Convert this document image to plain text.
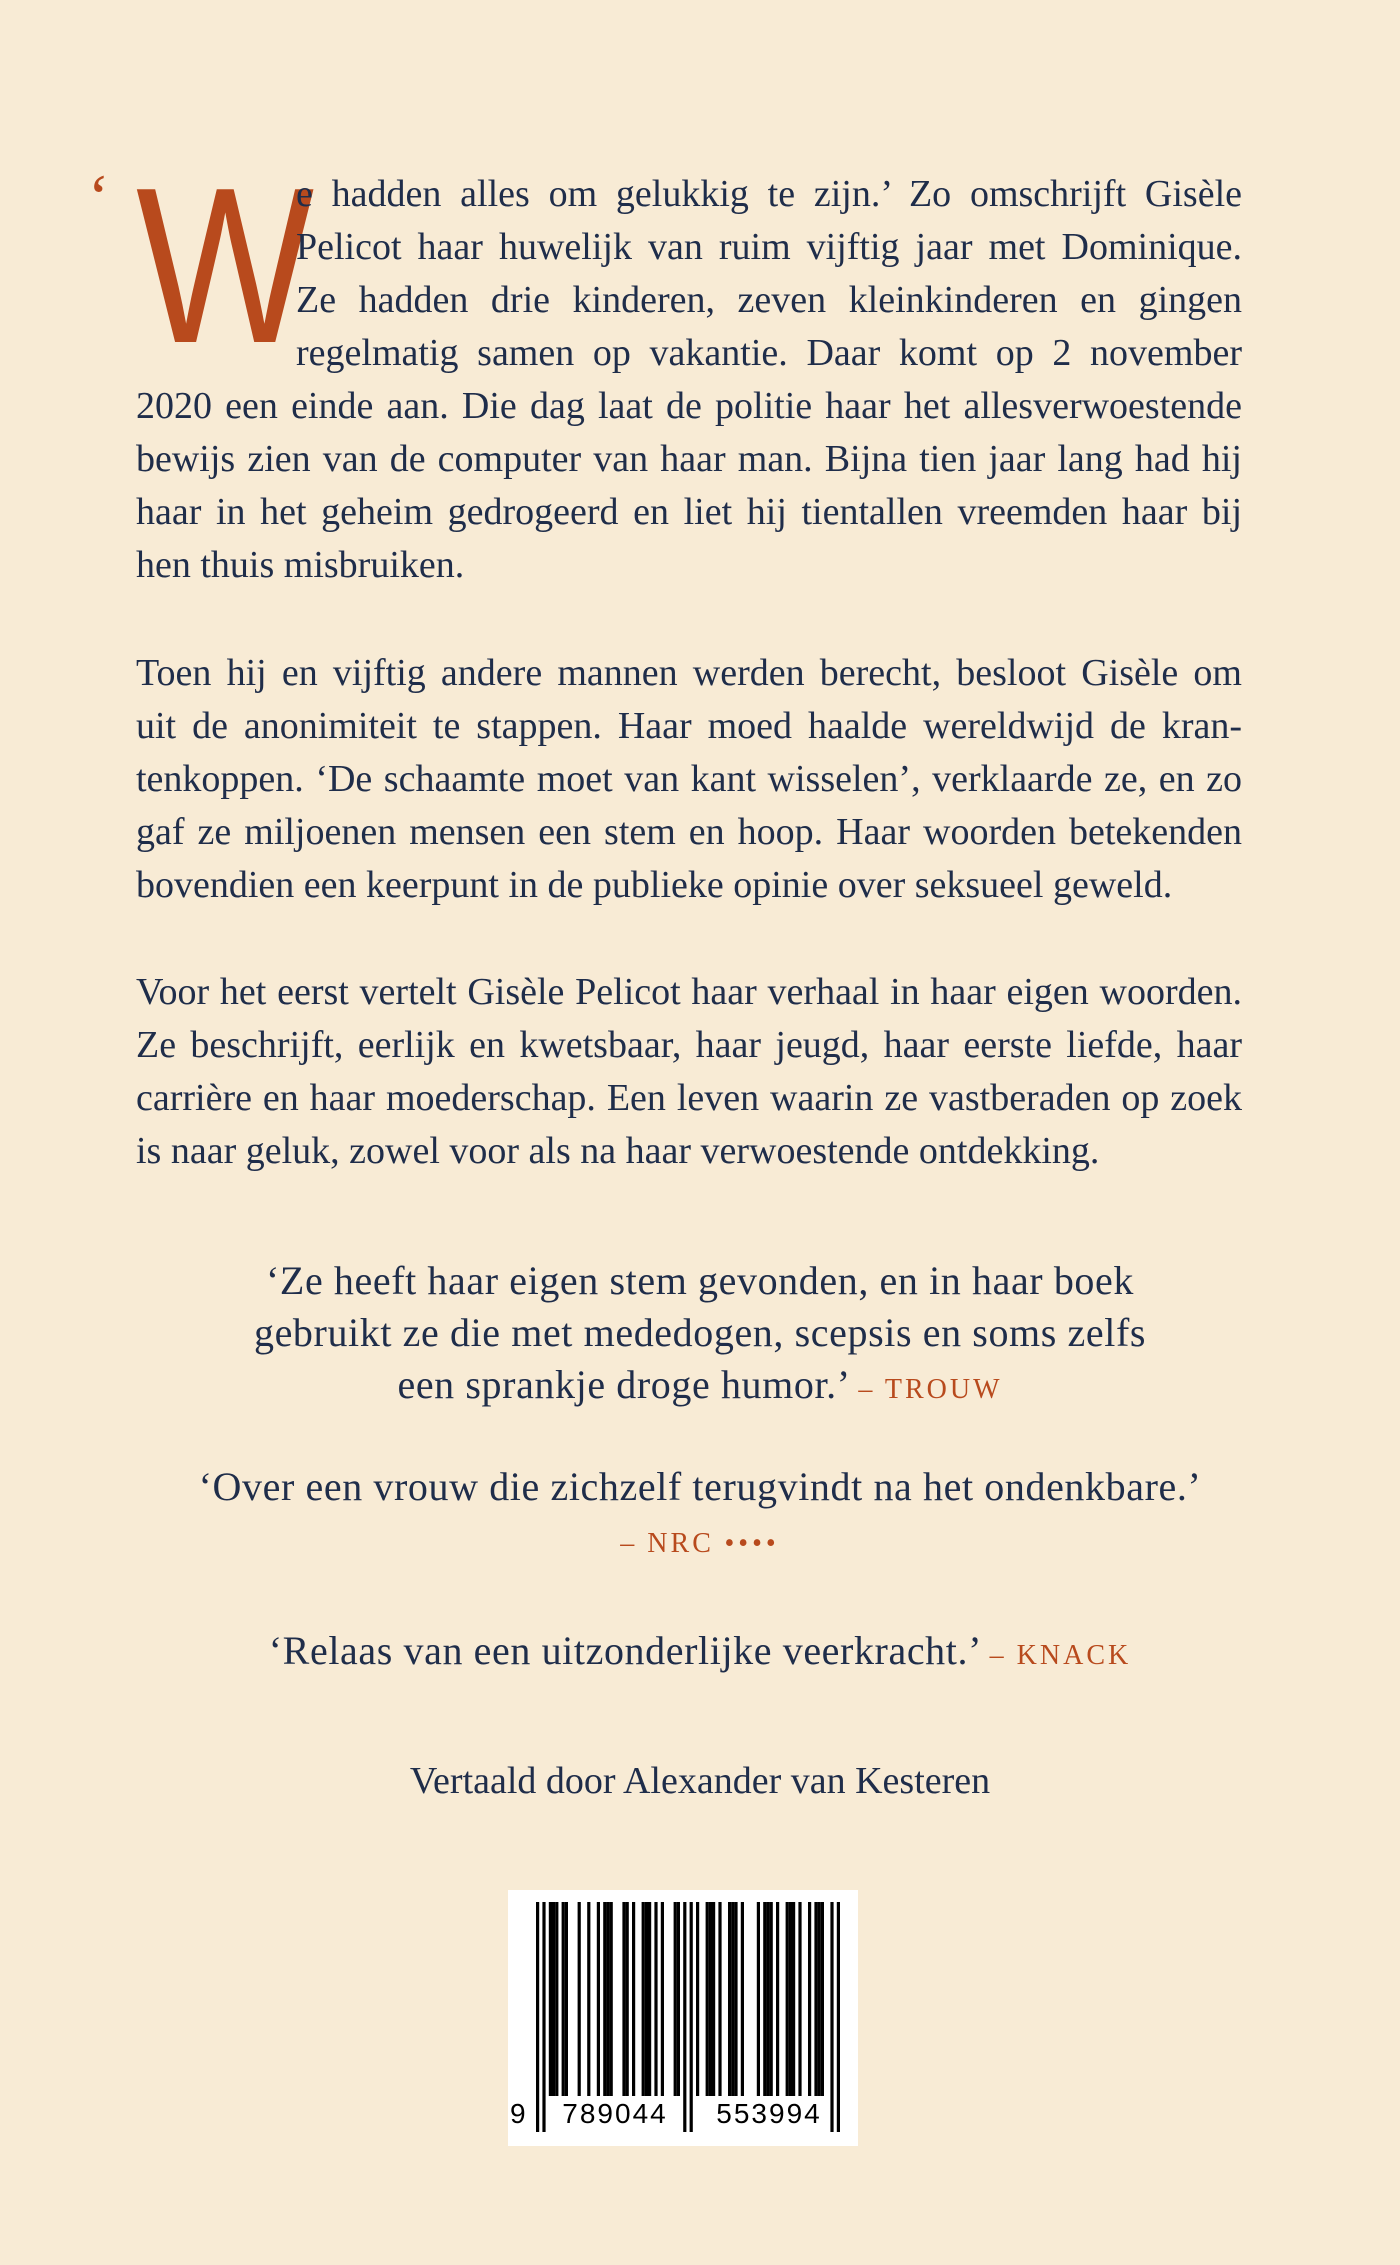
‘ W
e hadden alles om gelukkig te zijn.’ Zo omschrijft Gisèle
Pelicot haar huwelijk van ruim vijftig jaar met Dominique.
Ze hadden drie kinderen, zeven kleinkinderen en gingen
regelmatig samen op vakantie. Daar komt op 2 november
2020 een einde aan. Die dag laat de politie haar het allesverwoestende
bewijs zien van de computer van haar man. Bijna tien jaar lang had hij
haar in het geheim gedrogeerd en liet hij tientallen vreemden haar bij
hen thuis misbruiken.
Toen hij en vijftig andere mannen werden berecht, besloot Gisèle om
uit de anonimiteit te stappen. Haar moed haalde wereldwijd de kran-
tenkoppen. ‘De schaamte moet van kant wisselen’, verklaarde ze, en zo
gaf ze miljoenen mensen een stem en hoop. Haar woorden betekenden
bovendien een keerpunt in de publieke opinie over seksueel geweld.
Voor het eerst vertelt Gisèle Pelicot haar verhaal in haar eigen woorden.
Ze beschrijft, eerlijk en kwetsbaar, haar jeugd, haar eerste liefde, haar
carrière en haar moederschap. Een leven waarin ze vastberaden op zoek
is naar geluk, zowel voor als na haar verwoestende ontdekking.
‘Ze heeft haar eigen stem gevonden, en in haar boek
gebruikt ze die met mededogen, scepsis en soms zelfs
een sprankje droge humor.’ – TROUW
‘Over een vrouw die zichzelf terugvindt na het ondenkbare.’
– NRC ••••
‘Relaas van een uitzonderlijke veerkracht.’ – KNACK
Vertaald door Alexander van Kesteren
9	789044	553994
